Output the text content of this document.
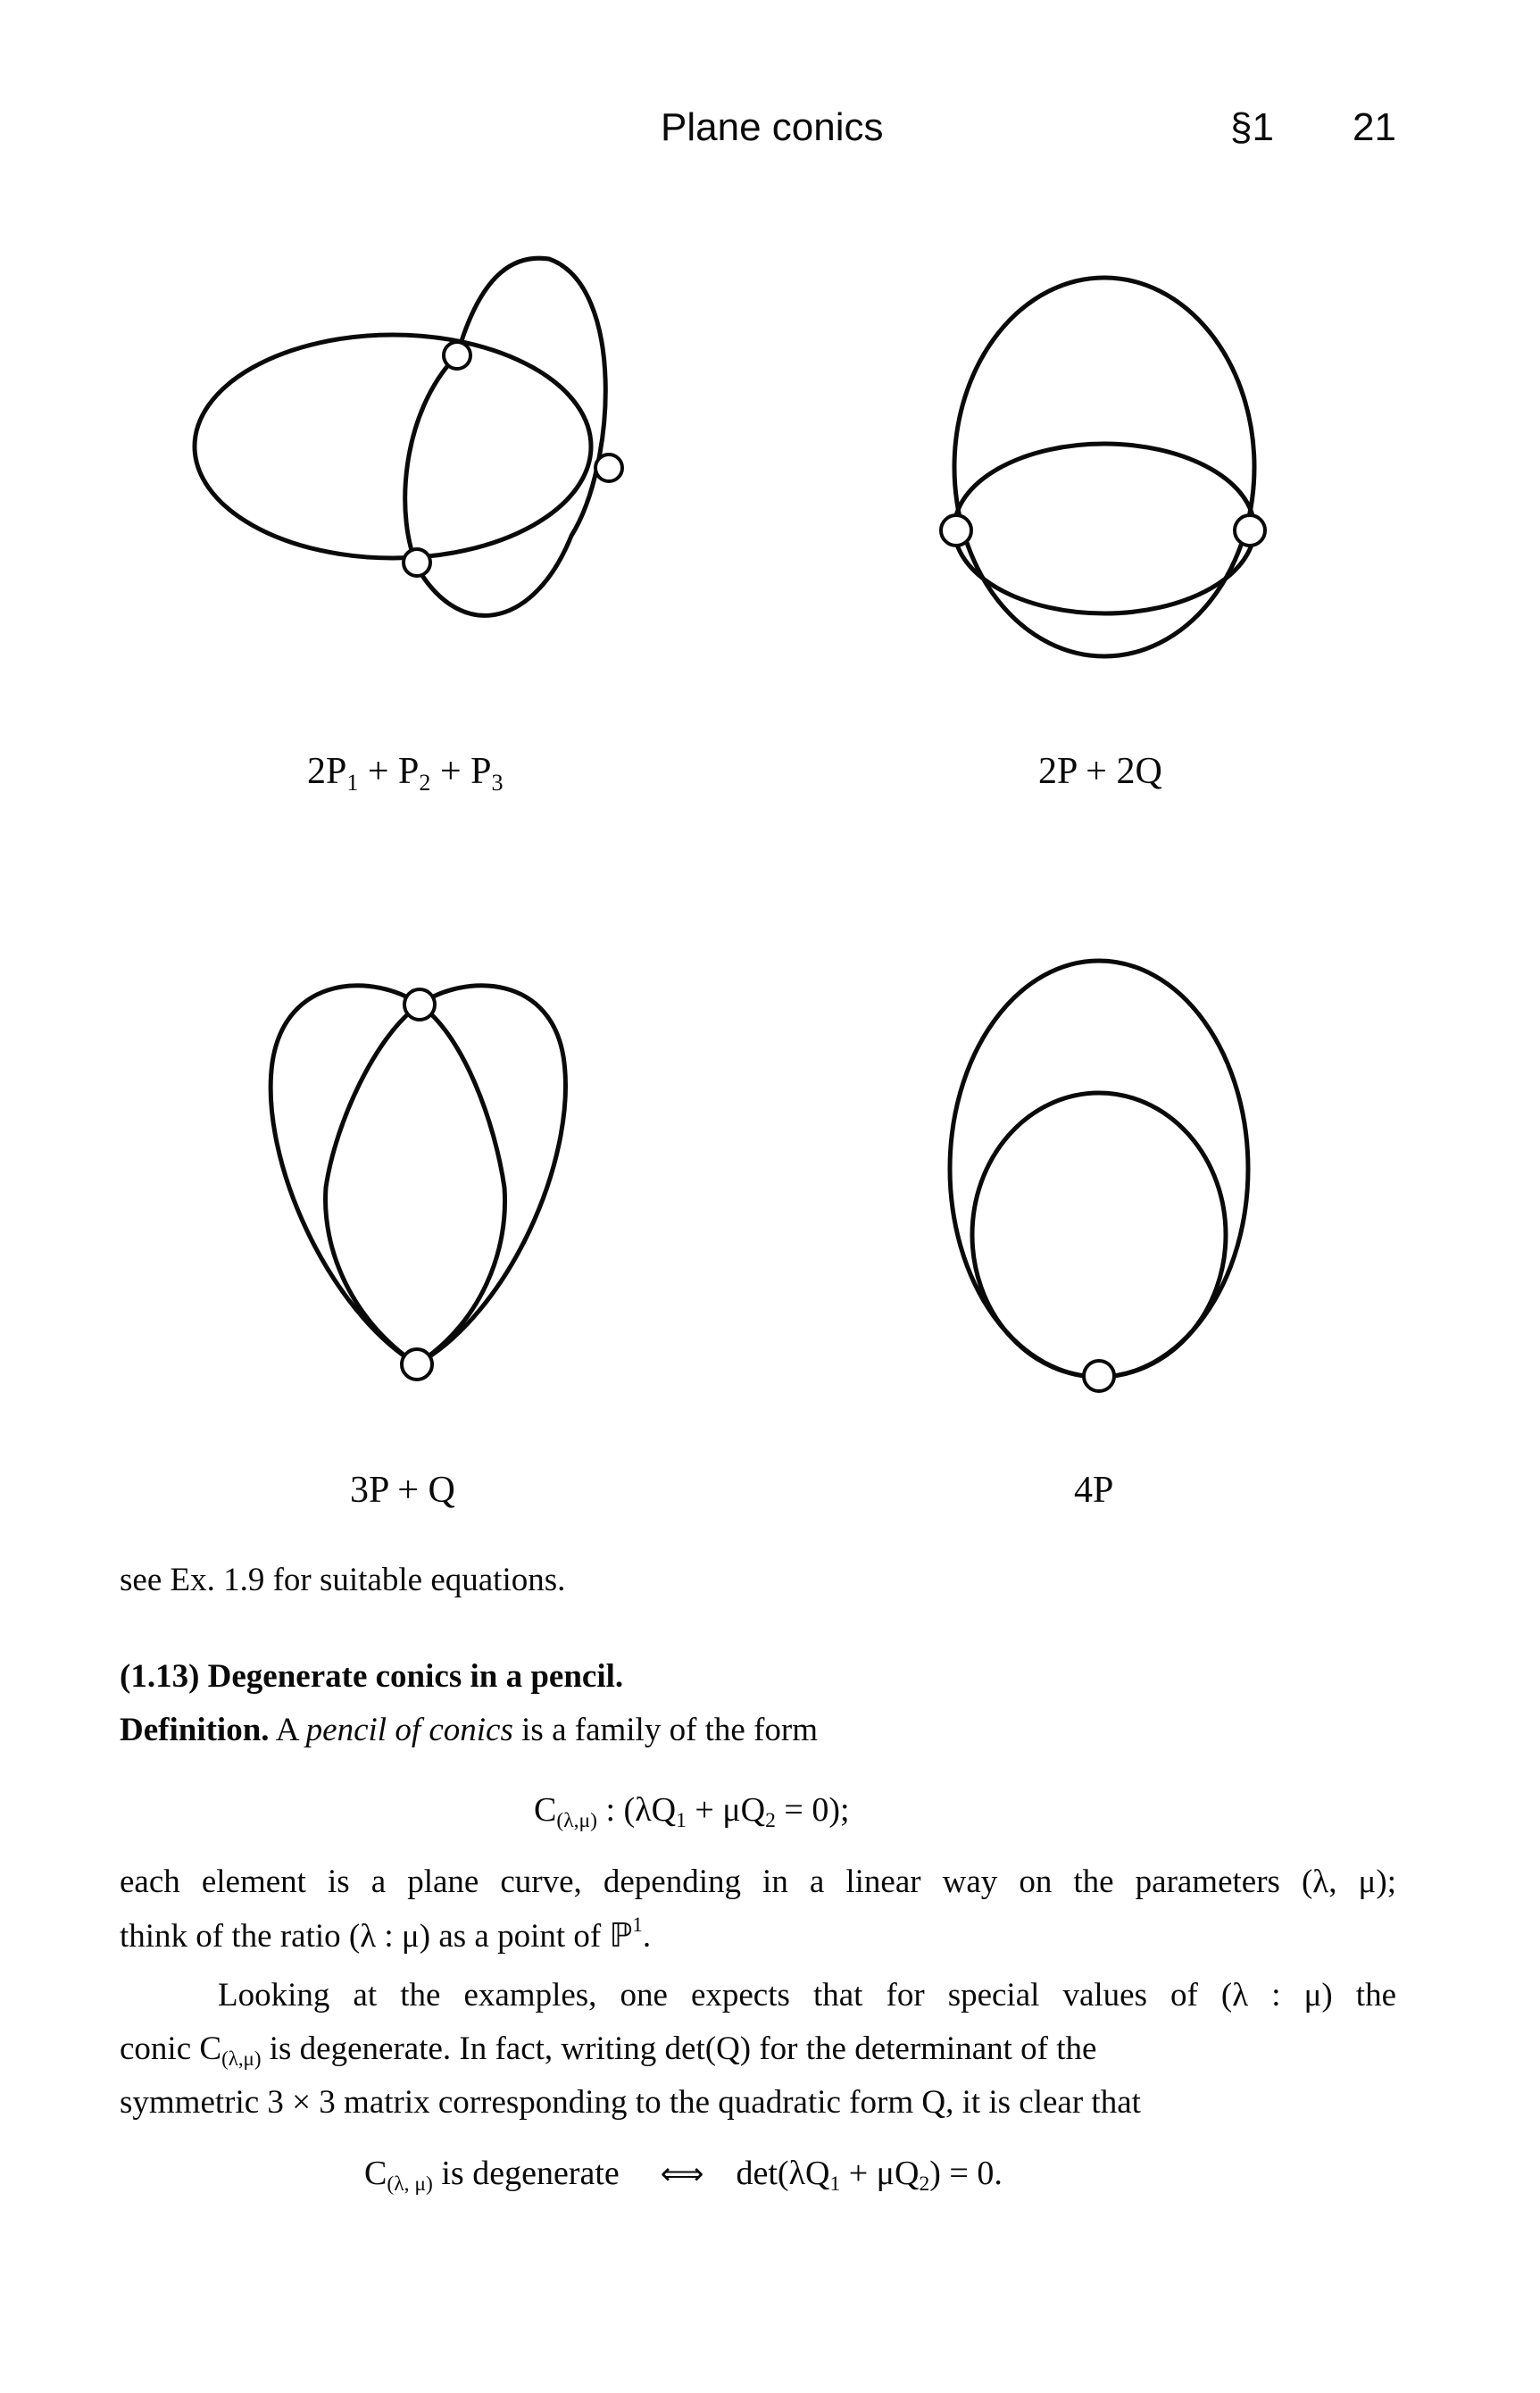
Plane conics	§1 21
$2P_1 + P_2 + P_3$	2P + 2Q
3P + Q	4P
see Ex. 1.9 for suitable equations.
(1.13) Degenerate conics in a pencil.
Definition. A pencil of conics is a family of the form
$C_{(\lambda,\mu)}$ : $(\lambda Q_1 + \mu Q_2 = 0)$;
each element is a plane curve, depending in a linear way on the parameters (λ, μ);
think of the ratio (λ : μ) as a point of ℙ$^1$.
Looking at the examples, one expects that for special values of (λ : μ) the
conic $C_{(\lambda,\mu)}$ is degenerate. In fact, writing det(Q) for the determinant of the
symmetric 3 × 3 matrix corresponding to the quadratic form Q, it is clear that
$C_{(\lambda, \mu)}$ is degenerate ⟺ $\det(\lambda Q_1 + \mu Q_2) = 0$.
